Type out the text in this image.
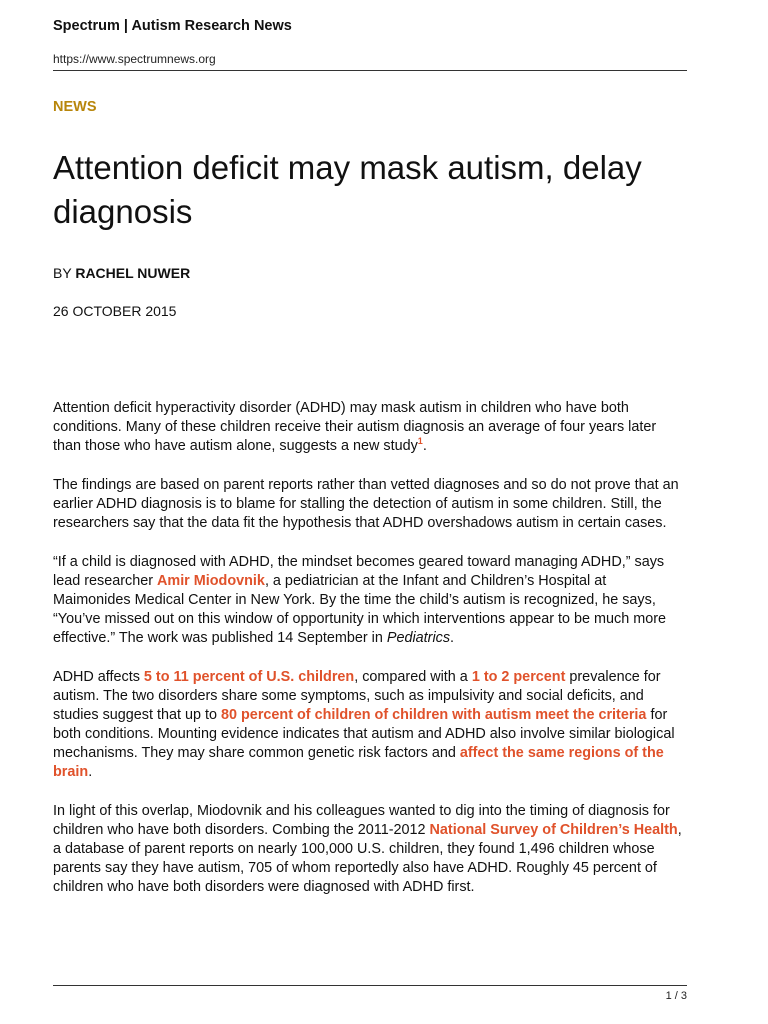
Spectrum | Autism Research News
https://www.spectrumnews.org
NEWS
Attention deficit may mask autism, delay diagnosis
BY RACHEL NUWER
26 OCTOBER 2015

Attention deficit hyperactivity disorder (ADHD) may mask autism in children who have both conditions. Many of these children receive their autism diagnosis an average of four years later than those who have autism alone, suggests a new study$^1$.

The findings are based on parent reports rather than vetted diagnoses and so do not prove that an earlier ADHD diagnosis is to blame for stalling the detection of autism in some children. Still, the researchers say that the data fit the hypothesis that ADHD overshadows autism in certain cases.

“If a child is diagnosed with ADHD, the mindset becomes geared toward managing ADHD,” says lead researcher Amir Miodovnik, a pediatrician at the Infant and Children’s Hospital at Maimonides Medical Center in New York. By the time the child’s autism is recognized, he says, “You’ve missed out on this window of opportunity in which interventions appear to be much more effective.” The work was published 14 September in Pediatrics.

ADHD affects 5 to 11 percent of U.S. children, compared with a 1 to 2 percent prevalence for autism. The two disorders share some symptoms, such as impulsivity and social deficits, and studies suggest that up to 80 percent of children of children with autism meet the criteria for both conditions. Mounting evidence indicates that autism and ADHD also involve similar biological mechanisms. They may share common genetic risk factors and affect the same regions of the brain.

In light of this overlap, Miodovnik and his colleagues wanted to dig into the timing of diagnosis for children who have both disorders. Combing the 2011-2012 National Survey of Children’s Health, a database of parent reports on nearly 100,000 U.S. children, they found 1,496 children whose parents say they have autism, 705 of whom reportedly also have ADHD. Roughly 45 percent of children who have both disorders were diagnosed with ADHD first.

1 / 3
